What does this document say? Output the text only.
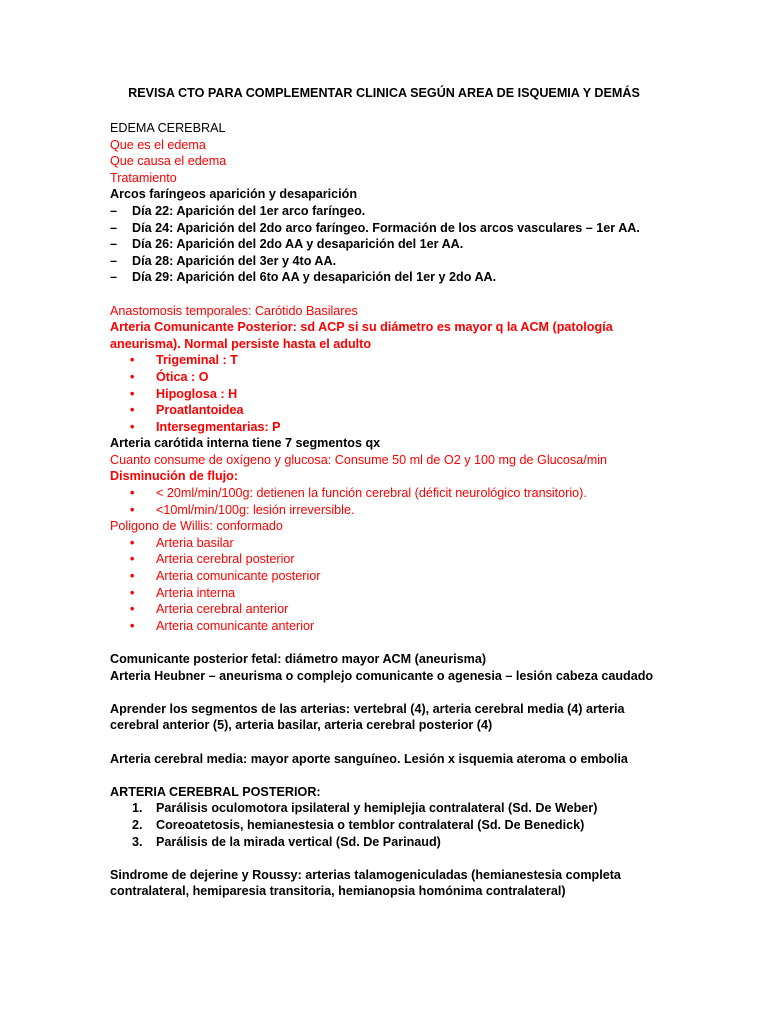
REVISA CTO PARA COMPLEMENTAR CLINICA SEGÚN AREA DE ISQUEMIA Y DEMÁS
EDEMA CEREBRAL
Que es el edema
Que causa el edema
Tratamiento
Arcos faríngeos aparición y desaparición
– Día 22: Aparición del 1er arco faríngeo.
– Día 24: Aparición del 2do arco faríngeo. Formación de los arcos vasculares – 1er AA.
– Día 26: Aparición del 2do AA y desaparición del 1er AA.
– Día 28: Aparición del 3er y 4to AA.
– Día 29: Aparición del 6to AA y desaparición del 1er y 2do AA.
Anastomosis temporales: Carótido Basilares
Arteria Comunicante Posterior: sd ACP si su diámetro es mayor q la ACM (patología
aneurisma). Normal persiste hasta el adulto
• Trigeminal : T
• Ótica : O
• Hipoglosa : H
• Proatlantoidea
• Intersegmentarias: P
Arteria carótida interna tiene 7 segmentos qx
Cuanto consume de oxígeno y glucosa: Consume 50 ml de O2 y 100 mg de Glucosa/min
Disminución de flujo:
• < 20ml/min/100g: detienen la función cerebral (déficit neurológico transitorio).
• <10ml/min/100g: lesión irreversible.
Poligono de Willis: conformado
• Arteria basilar
• Arteria cerebral posterior
• Arteria comunicante posterior
• Arteria interna
• Arteria cerebral anterior
• Arteria comunicante anterior
Comunicante posterior fetal: diámetro mayor ACM (aneurisma)
Arteria Heubner – aneurisma o complejo comunicante o agenesia – lesión cabeza caudado
Aprender los segmentos de las arterias: vertebral (4), arteria cerebral media (4) arteria
cerebral anterior (5), arteria basilar, arteria cerebral posterior (4)
Arteria cerebral media: mayor aporte sanguíneo. Lesión x isquemia ateroma o embolia
ARTERIA CEREBRAL POSTERIOR:
1. Parálisis oculomotora ipsilateral y hemiplejia contralateral (Sd. De Weber)
2. Coreoatetosis, hemianestesia o temblor contralateral (Sd. De Benedick)
3. Parálisis de la mirada vertical (Sd. De Parinaud)
Sindrome de dejerine y Roussy: arterias talamogeniculadas (hemianestesia completa
contralateral, hemiparesia transitoria, hemianopsia homónima contralateral)
